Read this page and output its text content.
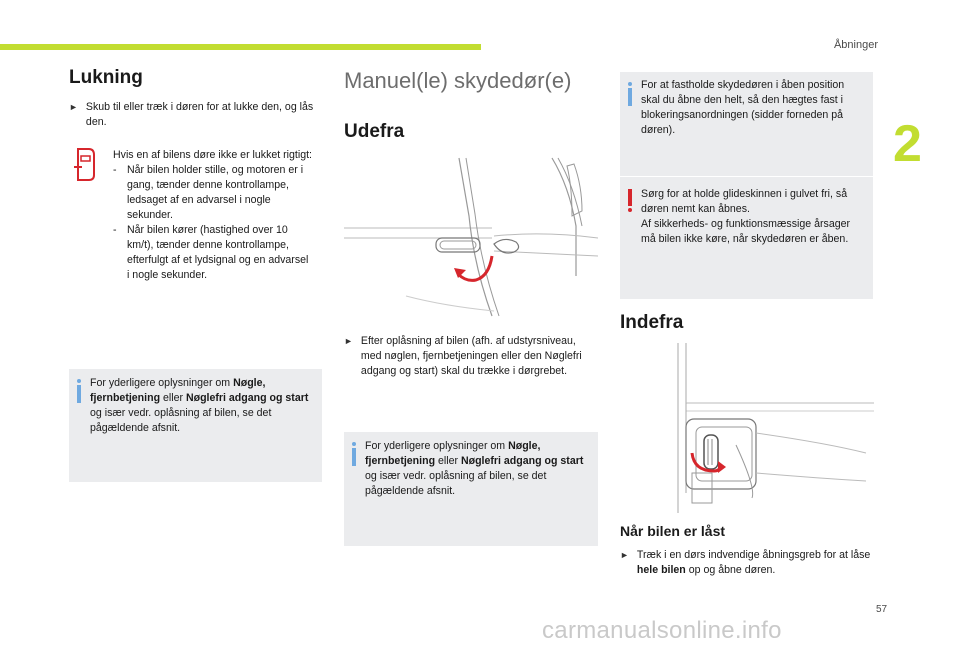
Åbninger
2
57
carmanualsonline.info
Lukning
► Skub til eller træk i døren for at lukke den, og lås den.
Hvis en af bilens døre ikke er lukket rigtigt:
- Når bilen holder stille, og motoren er i gang, tænder denne kontrollampe, ledsaget af en advarsel i nogle sekunder.
- Når bilen kører (hastighed over 10 km/t), tænder denne kontrollampe, efterfulgt af et lydsignal og en advarsel i nogle sekunder.
For yderligere oplysninger om Nøgle, fjernbetjening eller Nøglefri adgang og start og især vedr. oplåsning af bilen, se det pågældende afsnit.
Manuel(le) skydedør(e)
Udefra
► Efter oplåsning af bilen (afh. af udstyrsniveau, med nøglen, fjernbetjeningen eller den Nøglefri adgang og start) skal du trække i dørgrebet.
For yderligere oplysninger om Nøgle, fjernbetjening eller Nøglefri adgang og start og især vedr. oplåsning af bilen, se det pågældende afsnit.
For at fastholde skydedøren i åben position skal du åbne den helt, så den hægtes fast i blokeringsanordningen (sidder forneden på døren).
Sørg for at holde glideskinnen i gulvet fri, så døren nemt kan åbnes.
Af sikkerheds- og funktionsmæssige årsager må bilen ikke køre, når skydedøren er åben.
Indefra
Når bilen er låst
► Træk i en dørs indvendige åbningsgreb for at låse hele bilen op og åbne døren.
